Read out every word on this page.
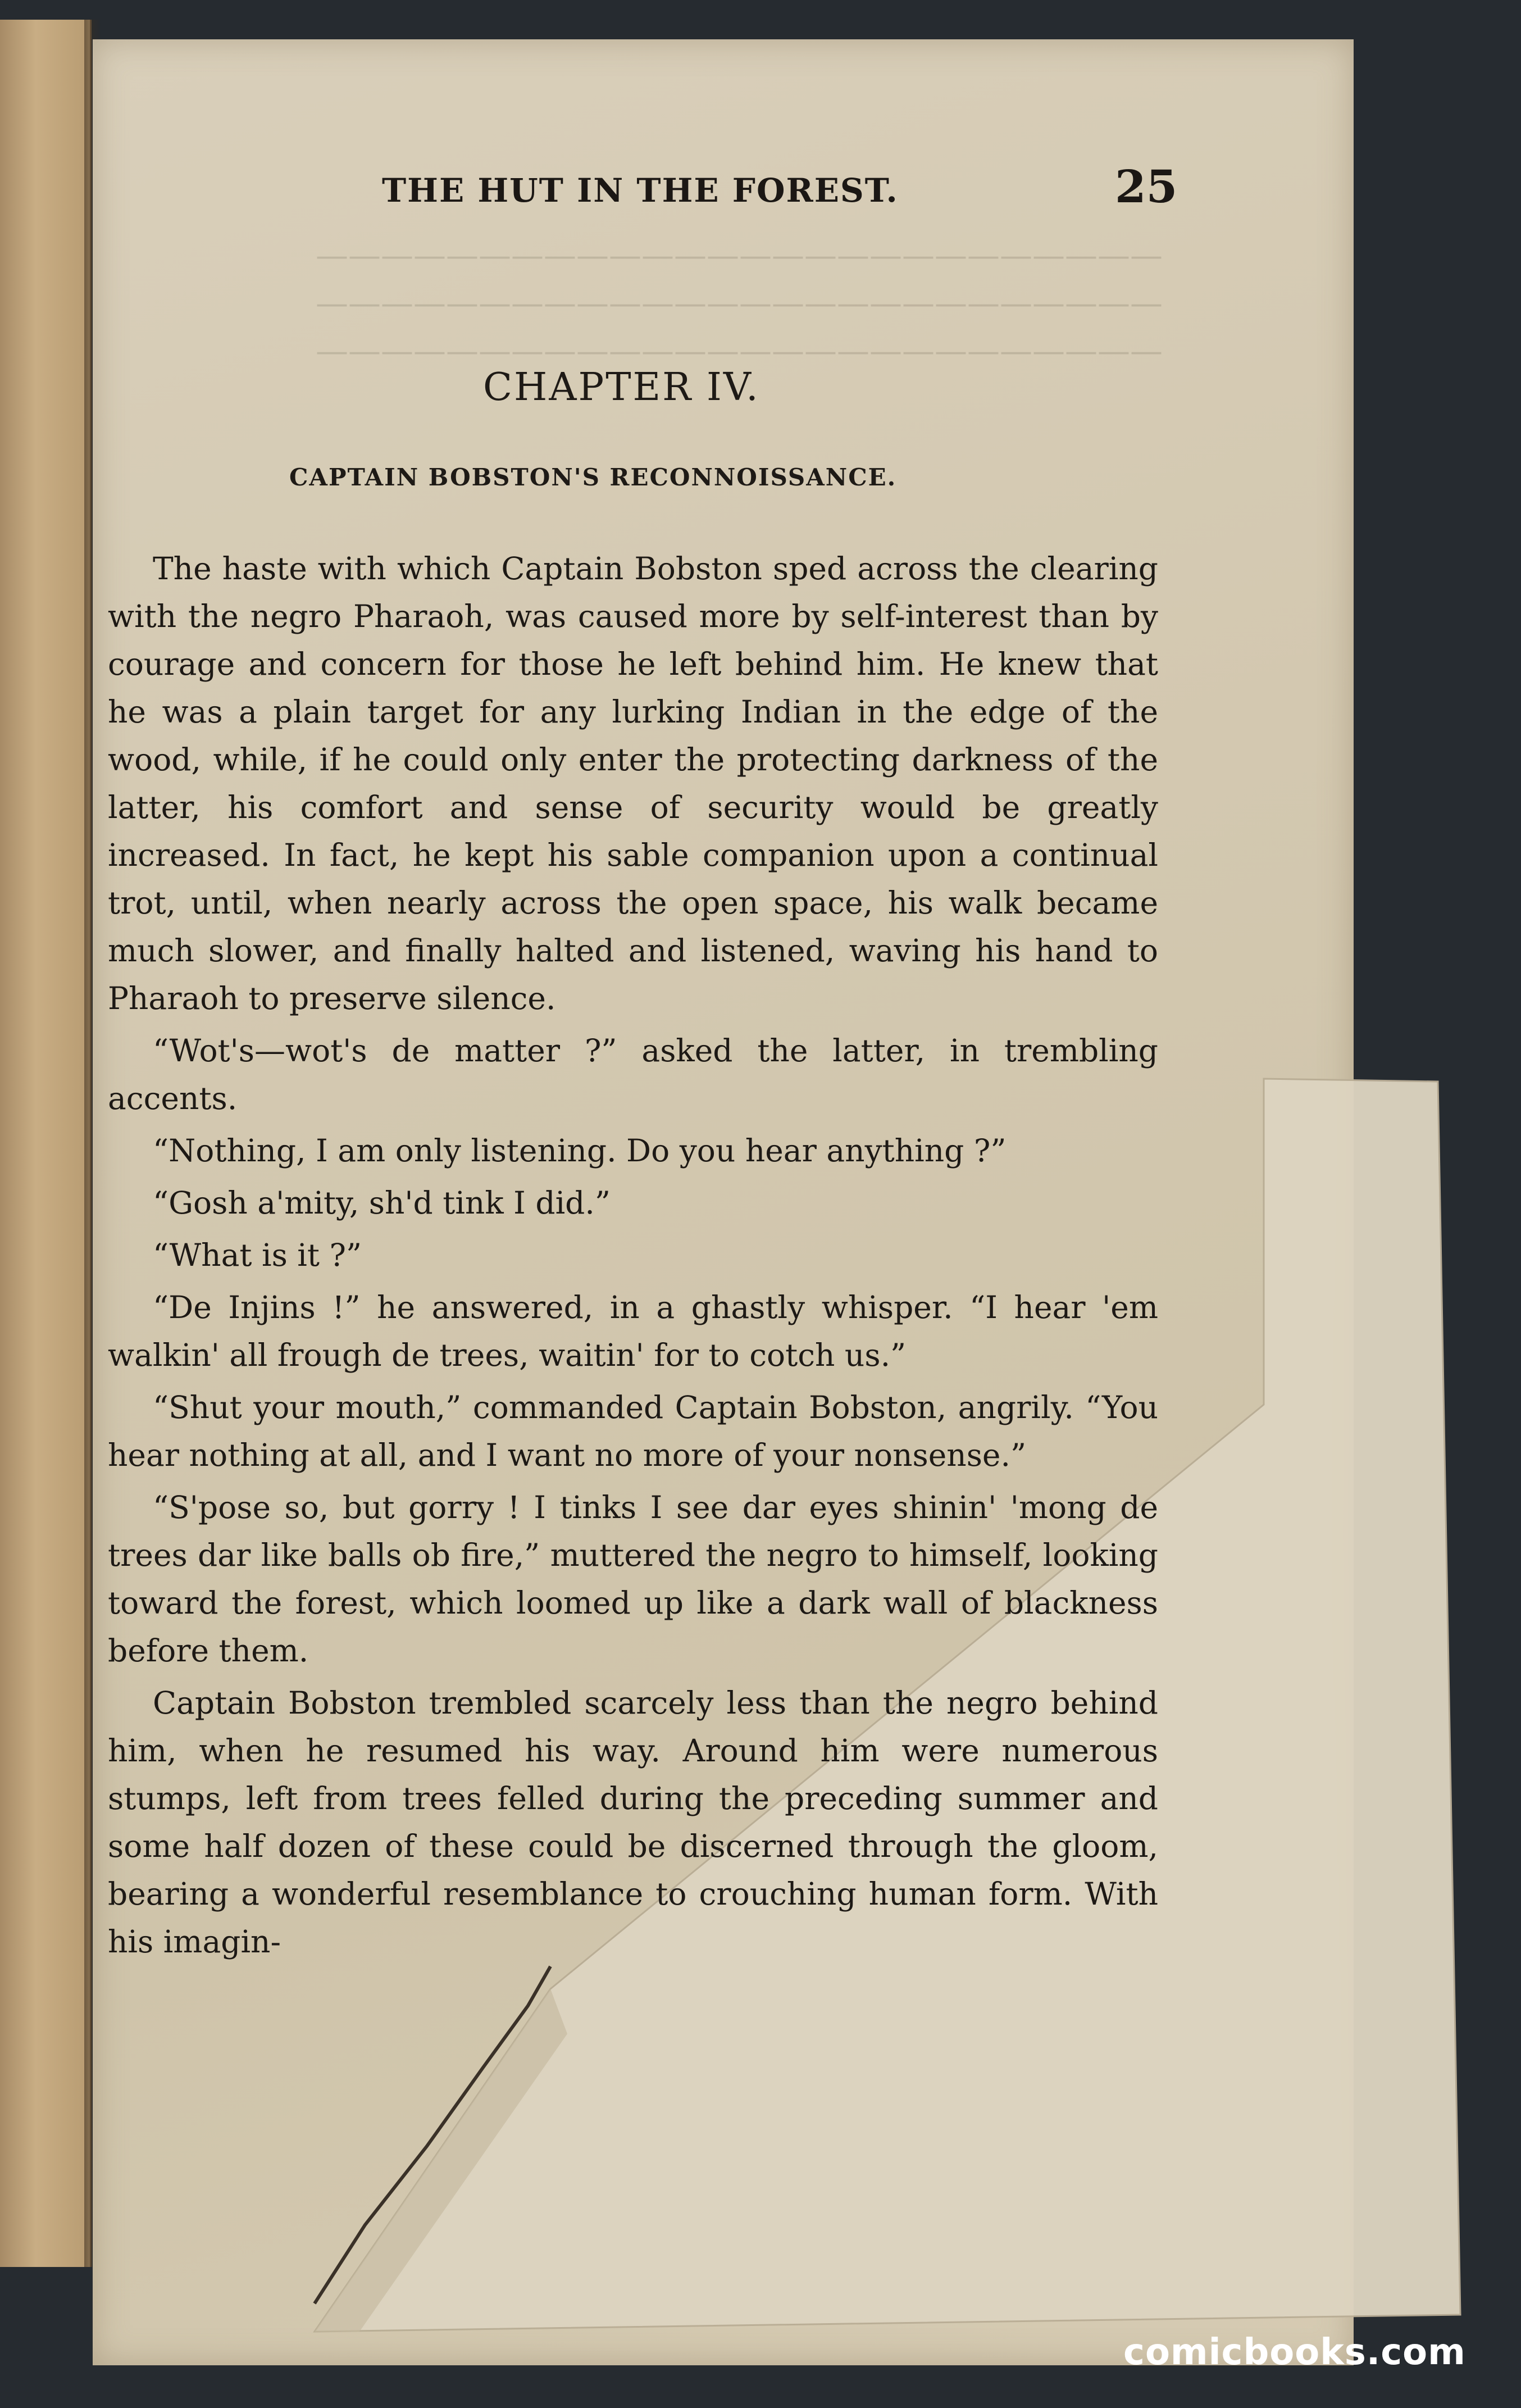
——————————————————————————
——————————————————————————
——————————————————————————
THE HUT IN THE FOREST.	25
CHAPTER IV.
CAPTAIN BOBSTON'S RECONNOISSANCE.

The haste with which Captain Bobston sped across the clearing with the negro Pharaoh, was caused more by self-interest than by courage and concern for those he left behind him. He knew that he was a plain target for any lurking Indian in the edge of the wood, while, if he could only enter the protecting darkness of the latter, his comfort and sense of security would be greatly increased. In fact, he kept his sable companion upon a continual trot, until, when nearly across the open space, his walk became much slower, and finally halted and listened, waving his hand to Pharaoh to preserve silence.

“Wot's—wot's de matter ?” asked the latter, in trembling accents.

“Nothing, I am only listening. Do you hear anything ?”

“Gosh a'mity, sh'd tink I did.”

“What is it ?”

“De Injins !” he answered, in a ghastly whisper. “I hear 'em walkin' all frough de trees, waitin' for to cotch us.”

“Shut your mouth,” commanded Captain Bobston, angrily. “You hear nothing at all, and I want no more of your nonsense.”

“S'pose so, but gorry ! I tinks I see dar eyes shinin' 'mong de trees dar like balls ob fire,” muttered the negro to himself, looking toward the forest, which loomed up like a dark wall of blackness before them.

Captain Bobston trembled scarcely less than the negro behind him, when he resumed his way. Around him were numerous stumps, left from trees felled during the preceding summer and some half dozen of these could be discerned through the gloom, bearing a wonderful resemblance to crouching human form. With his imagin-

comicbooks.com
